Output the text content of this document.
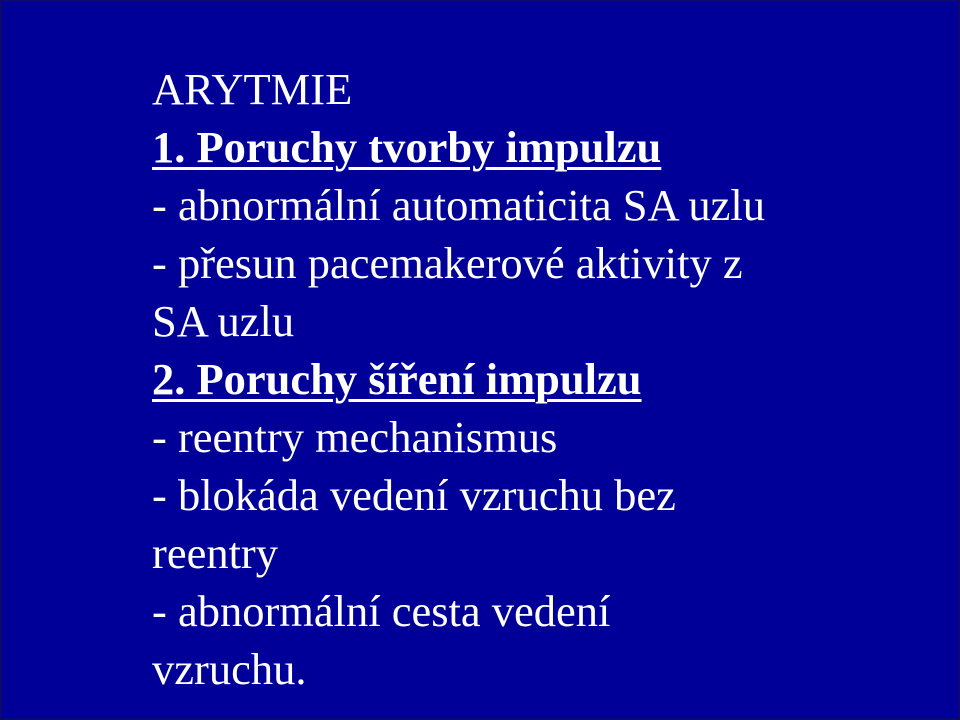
ARYTMIE

1. Poruchy tvorby impulzu

- abnormální automaticita SA uzlu

- přesun pacemakerové aktivity z

SA uzlu

2. Poruchy šíření impulzu

- reentry mechanismus

- blokáda vedení vzruchu bez

reentry

- abnormální cesta vedení

vzruchu.
